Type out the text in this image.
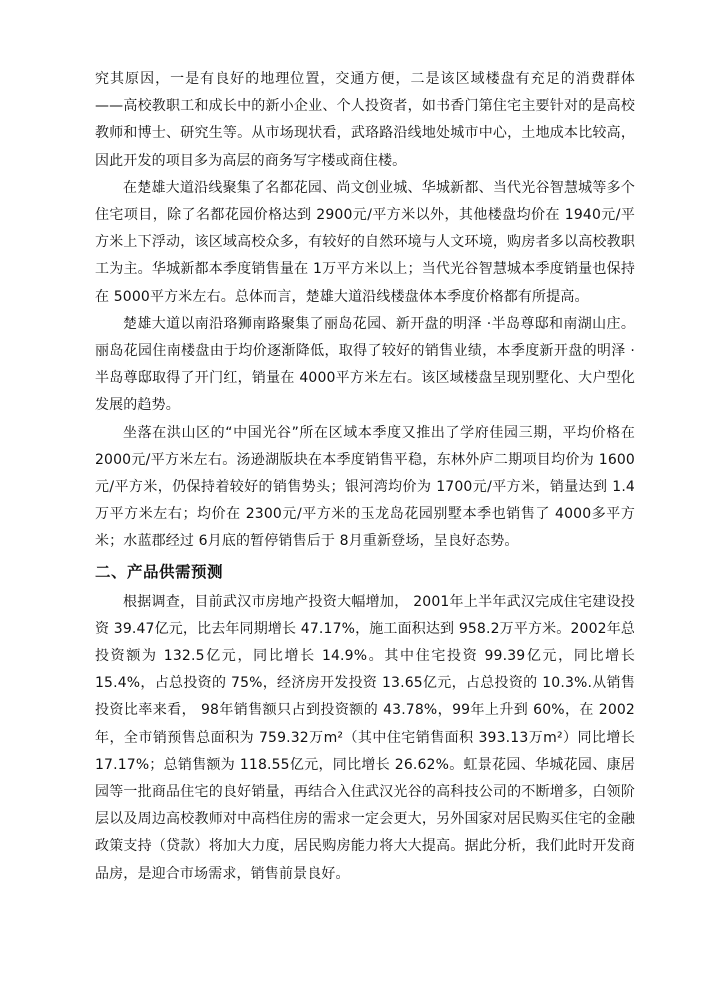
究其原因，一是有良好的地理位置，交通方便，二是该区域楼盘有充足的消费群体 ——高校教职工和成长中的新小企业、个人投资者，如书香门第住宅主要针对的是高校教师和博士、研究生等。从市场现状看，武珞路沿线地处城市中心，土地成本比较高，因此开发的项目多为高层的商务写字楼或商住楼。

在楚雄大道沿线聚集了名都花园、尚文创业城、华城新都、当代光谷智慧城等多个住宅项目，除了名都花园价格达到 2900元/平方米以外，其他楼盘均价在 1940元/平方米上下浮动，该区域高校众多，有较好的自然环境与人文环境，购房者多以高校教职工为主。华城新都本季度销售量在 1万平方米以上；当代光谷智慧城本季度销量也保持在 5000平方米左右。总体而言，楚雄大道沿线楼盘体本季度价格都有所提高。

楚雄大道以南沿珞狮南路聚集了丽岛花园、新开盘的明泽 ·半岛尊邸和南湖山庄。丽岛花园住南楼盘由于均价逐渐降低，取得了较好的销售业绩，本季度新开盘的明泽 ·半岛尊邸取得了开门红，销量在 4000平方米左右。该区域楼盘呈现别墅化、大户型化发展的趋势。

坐落在洪山区的“中国光谷”所在区域本季度又推出了学府佳园三期，平均价格在 2000元/平方米左右。汤逊湖版块在本季度销售平稳，东林外庐二期项目均价为 1600元/平方米，仍保持着较好的销售势头；银河湾均价为 1700元/平方米，销量达到 1.4万平方米左右；均价在 2300元/平方米的玉龙岛花园别墅本季也销售了 4000多平方米；水蓝郡经过 6月底的暂停销售后于 8月重新登场，呈良好态势。

二、产品供需预测

根据调查，目前武汉市房地产投资大幅增加， 2001年上半年武汉完成住宅建设投资 39.47亿元，比去年同期增长 47.17%，施工面积达到 958.2万平方米。2002年总投资额为 132.5亿元，同比增长 14.9%。其中住宅投资 99.39亿元，同比增长 15.4%，占总投资的 75%，经济房开发投资 13.65亿元，占总投资的 10.3%.从销售投资比率来看， 98年销售额只占到投资额的 43.78%，99年上升到 60%，在 2002年，全市销预售总面积为 759.32万m²（其中住宅销售面积 393.13万m²）同比增长 17.17%；总销售额为 118.55亿元，同比增长 26.62%。虹景花园、华城花园、康居园等一批商品住宅的良好销量，再结合入住武汉光谷的高科技公司的不断增多，白领阶层以及周边高校教师对中高档住房的需求一定会更大，另外国家对居民购买住宅的金融政策支持（贷款）将加大力度，居民购房能力将大大提高。据此分析，我们此时开发商品房，是迎合市场需求，销售前景良好。
